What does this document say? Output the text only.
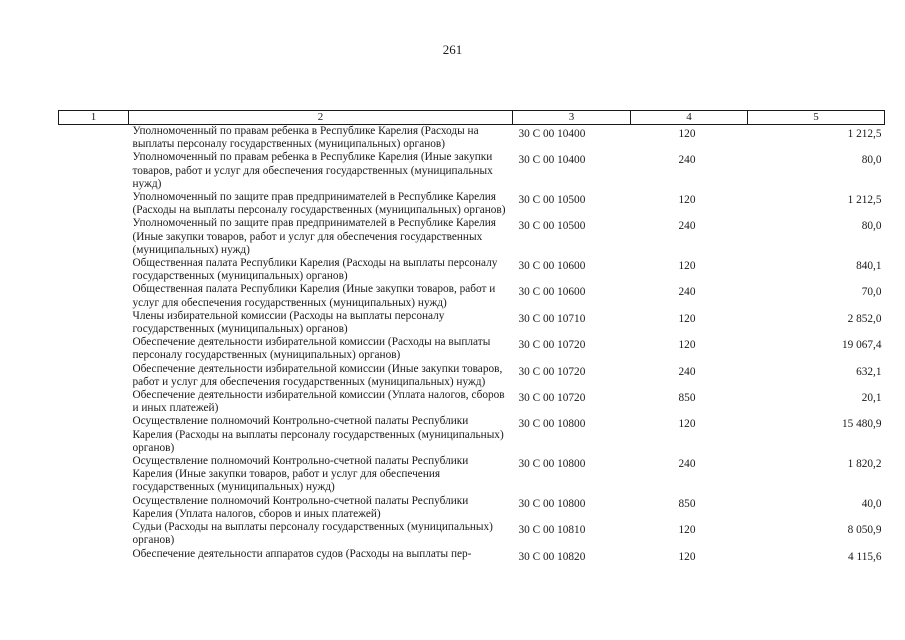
261
1	2	3	4	5
	Уполномоченный по правам ребенка в Республике Карелия (Расходы на выплаты персоналу государственных (муниципальных) органов)	30 С 00 10400	120	1 212,5
	Уполномоченный по правам ребенка в Республике Карелия (Иные закупки товаров, работ и услуг для обеспечения государственных (муниципальных нужд)	30 С 00 10400	240	80,0
	Уполномоченный по защите прав предпринимателей в Республике Карелия (Расходы на выплаты персоналу государственных (муниципальных) органов)	30 С 00 10500	120	1 212,5
	Уполномоченный по защите прав предпринимателей в Республике Карелия (Иные закупки товаров, работ и услуг для обеспечения государственных (муниципальных) нужд)	30 С 00 10500	240	80,0
	Общественная палата Республики Карелия (Расходы на выплаты персоналу государственных (муниципальных) органов)	30 С 00 10600	120	840,1
	Общественная палата Республики Карелия (Иные закупки товаров, работ и услуг для обеспечения государственных (муниципальных) нужд)	30 С 00 10600	240	70,0
	Члены избирательной комиссии (Расходы на выплаты персоналу государственных (муниципальных) органов)	30 С 00 10710	120	2 852,0
	Обеспечение деятельности избирательной комиссии (Расходы на выплаты персоналу государственных (муниципальных) органов)	30 С 00 10720	120	19 067,4
	Обеспечение деятельности избирательной комиссии (Иные закупки товаров, работ и услуг для обеспечения государственных (муниципальных) нужд)	30 С 00 10720	240	632,1
	Обеспечение деятельности избирательной комиссии (Уплата налогов, сборов и иных платежей)	30 С 00 10720	850	20,1
	Осуществление полномочий Контрольно-счетной палаты Республики Карелия (Расходы на выплаты персоналу государственных (муниципальных) органов)	30 С 00 10800	120	15 480,9
	Осуществление полномочий Контрольно-счетной палаты Республики Карелия (Иные закупки товаров, работ и услуг для обеспечения государственных (муниципальных) нужд)	30 С 00 10800	240	1 820,2
	Осуществление полномочий Контрольно-счетной палаты Республики Карелия (Уплата налогов, сборов и иных платежей)	30 С 00 10800	850	40,0
	Судьи (Расходы на выплаты персоналу государственных (муниципальных) органов)	30 С 00 10810	120	8 050,9
	Обеспечение деятельности аппаратов судов (Расходы на выплаты пер-	30 С 00 10820	120	4 115,6
